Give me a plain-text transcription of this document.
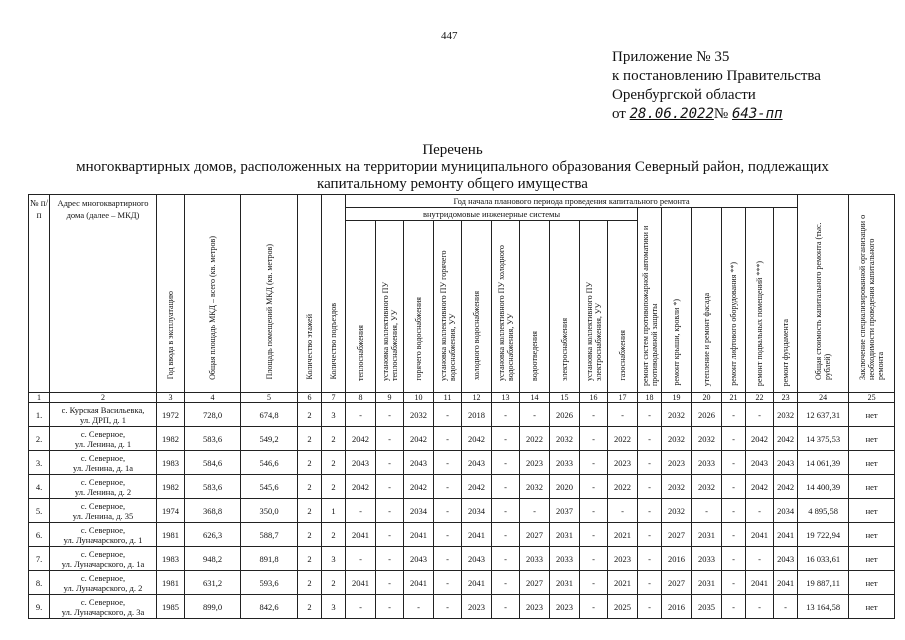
447
Приложение № 35
к постановлению Правительства
Оренбургской области
от 28.06.2022№ 643-пп
Перечень
многоквартирных домов, расположенных на территории муниципального образования Северный район, подлежащих
капитальному ремонту общего имущества
№ п/п	Адрес многоквартирного дома (далее – МКД)	Год ввода в эксплуатацию	Общая площадь МКД – всего (кв. метров)	Площадь помещений МКД (кв. метров)	Количество этажей	Количество подъездов	Год начала планового периода проведения капитального ремонта																Общая стоимость капитального ремонта (тыс. рублей)	Заключение специализированной организации о необходимости проведения капитального ремонта

							внутридомовые инженерные системы										ремонт систем противопожарной автоматики и противодымной защиты	ремонт крыши, кровли *)	утепление и ремонт фасада	ремонт лифтового оборудования **)	ремонт подвальных помещений ***)	ремонт фундамента		

							теплоснабжения	установка коллективного ПУ теплоснабжения, УУ	горячего водоснабжения	установка коллективного ПУ горячего водоснабжения, УУ	холодного водоснабжения	установка коллективного ПУ холодного водоснабжения, УУ	водоотведения	электроснабжения	установка коллективного ПУ электроснабжения, УУ	газоснабжения								

1	2	3	4	5	6	7	8	9	10	11	12	13	14	15	16	17	18	19	20	21	22	23	24	25
1.	с. Курская Васильевка,
ул. ДРП, д. 1	1972	728,0	674,8	2	3	-	-	2032	-	2018	-	-	2026	-	-	-	2032	2026	-	-	2032	12 637,31	нет
2.	с. Северное,
ул. Ленина, д. 1	1982	583,6	549,2	2	2	2042	-	2042	-	2042	-	2022	2032	-	2022	-	2032	2032	-	2042	2042	14 375,53	нет
3.	с. Северное,
ул. Ленина, д. 1а	1983	584,6	546,6	2	2	2043	-	2043	-	2043	-	2023	2033	-	2023	-	2023	2033	-	2043	2043	14 061,39	нет
4.	с. Северное,
ул. Ленина, д. 2	1982	583,6	545,6	2	2	2042	-	2042	-	2042	-	2032	2020	-	2022	-	2032	2032	-	2042	2042	14 400,39	нет
5.	с. Северное,
ул. Ленина, д. 35	1974	368,8	350,0	2	1	-	-	2034	-	2034	-	-	2037	-	-	-	2032	-	-	-	2034	4 895,58	нет
6.	с. Северное,
ул. Луначарского, д. 1	1981	626,3	588,7	2	2	2041	-	2041	-	2041	-	2027	2031	-	2021	-	2027	2031	-	2041	2041	19 722,94	нет
7.	с. Северное,
ул. Луначарского, д. 1а	1983	948,2	891,8	2	3	-	-	2043	-	2043	-	2033	2033	-	2023	-	2016	2033	-	-	2043	16 033,61	нет
8.	с. Северное,
ул. Луначарского, д. 2	1981	631,2	593,6	2	2	2041	-	2041	-	2041	-	2027	2031	-	2021	-	2027	2031	-	2041	2041	19 887,11	нет
9.	с. Северное,
ул. Луначарского, д. 3а	1985	899,0	842,6	2	3	-	-	-	-	2023	-	2023	2023	-	2025	-	2016	2035	-	-	-	13 164,58	нет
